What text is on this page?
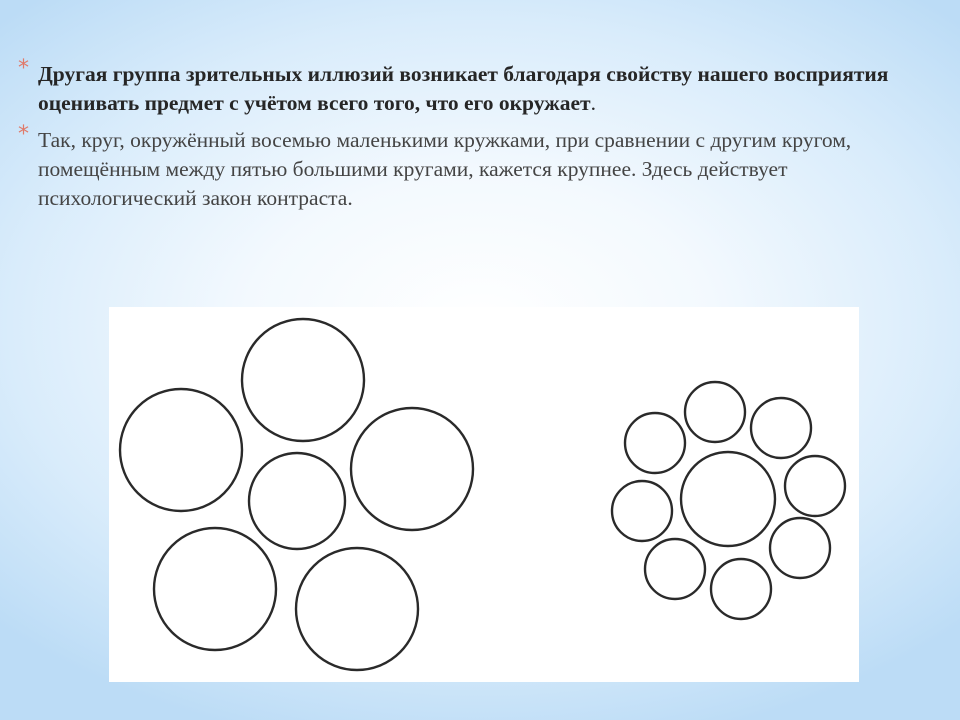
* Другая группа зрительных иллюзий возникает благодаря свойству нашего восприятия оценивать предмет с учётом всего того, что его окружает.
* Так, круг, окружённый восемью маленькими кружками, при сравнении с другим кругом, помещённым между пятью большими кругами, кажется крупнее. Здесь действует психологический закон контраста.
